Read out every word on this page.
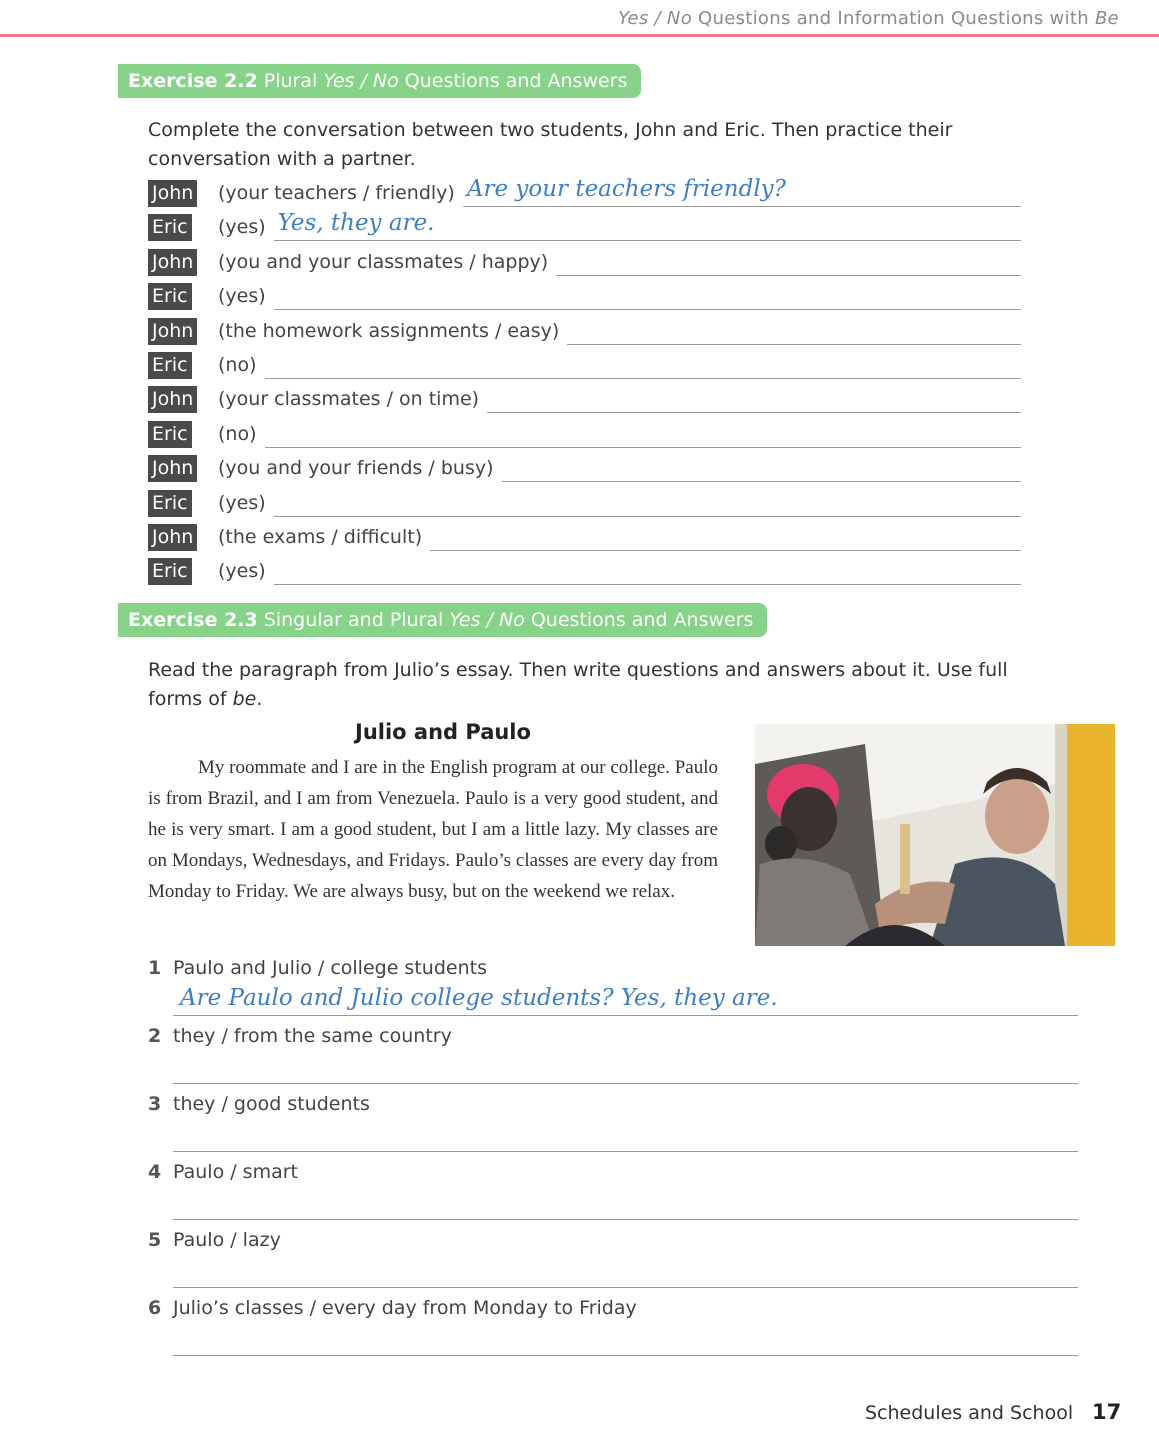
Yes / No Questions and Information Questions with Be
Exercise 2.2 Plural Yes / No Questions and Answers
Complete the conversation between two students, John and Eric. Then practice their conversation with a partner.
John (your teachers / friendly) Are your teachers friendly?
Eric (yes) Yes, they are.
John (you and your classmates / happy)
Eric (yes)
John (the homework assignments / easy)
Eric (no)
John (your classmates / on time)
Eric (no)
John (you and your friends / busy)
Eric (yes)
John (the exams / difficult)
Eric (yes)
Exercise 2.3 Singular and Plural Yes / No Questions and Answers
Read the paragraph from Julio’s essay. Then write questions and answers about it. Use full forms of be.
Julio and Paulo
My roommate and I are in the English program at our college. Paulo is from Brazil, and I am from Venezuela. Paulo is a very good student, and he is very smart. I am a good student, but I am a little lazy. My classes are on Mondays, Wednesdays, and Fridays. Paulo’s classes are every day from Monday to Friday. We are always busy, but on the weekend we relax.
1 Paulo and Julio / college students
Are Paulo and Julio college students? Yes, they are.
2 they / from the same country
3 they / good students
4 Paulo / smart
5 Paulo / lazy
6 Julio’s classes / every day from Monday to Friday
Schedules and School 17
